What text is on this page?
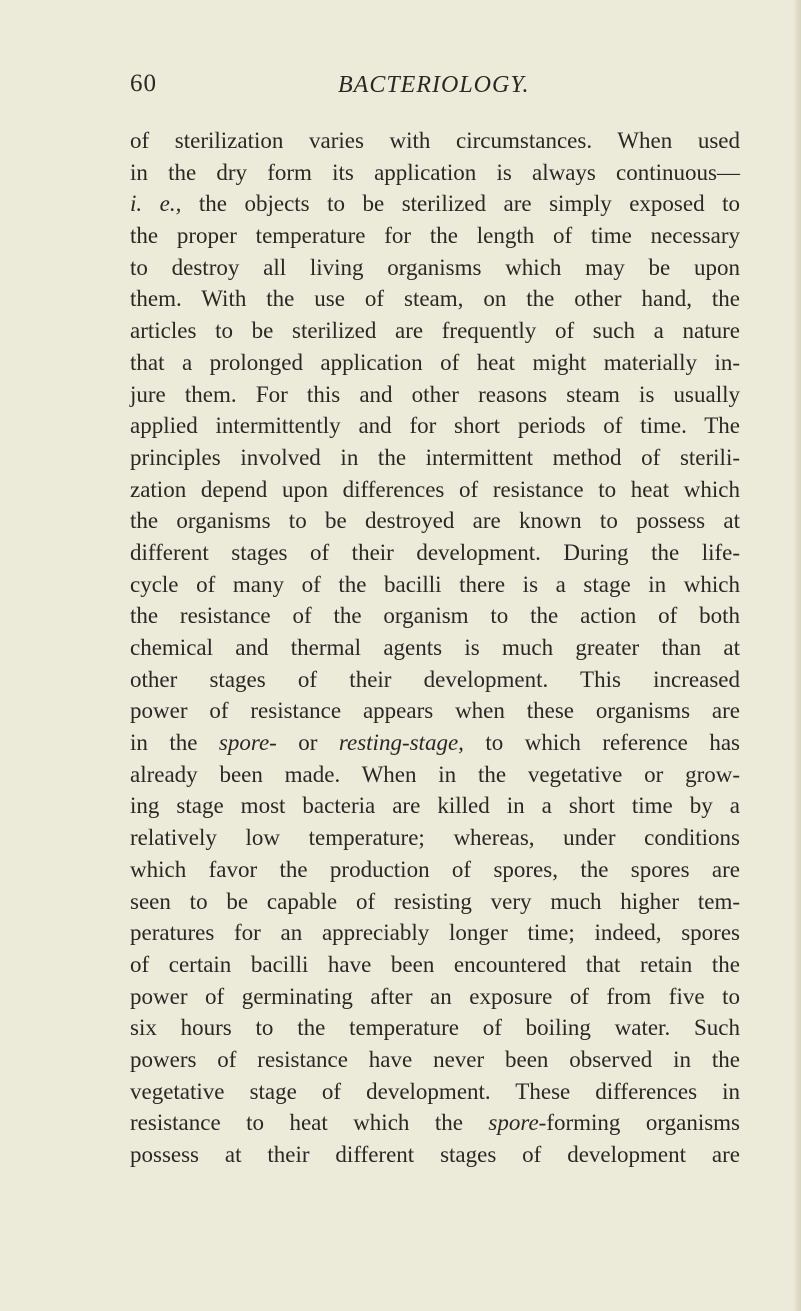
60	BACTERIOLOGY.
of sterilization varies with circumstances. When used
in the dry form its application is always continuous—
i. e., the objects to be sterilized are simply exposed to
the proper temperature for the length of time necessary
to destroy all living organisms which may be upon
them. With the use of steam, on the other hand, the
articles to be sterilized are frequently of such a nature
that a prolonged application of heat might materially in-
jure them. For this and other reasons steam is usually
applied intermittently and for short periods of time. The
principles involved in the intermittent method of sterili-
zation depend upon differences of resistance to heat which
the organisms to be destroyed are known to possess at
different stages of their development. During the life-
cycle of many of the bacilli there is a stage in which
the resistance of the organism to the action of both
chemical and thermal agents is much greater than at
other stages of their development. This increased
power of resistance appears when these organisms are
in the spore- or resting-stage, to which reference has
already been made. When in the vegetative or grow-
ing stage most bacteria are killed in a short time by a
relatively low temperature; whereas, under conditions
which favor the production of spores, the spores are
seen to be capable of resisting very much higher tem-
peratures for an appreciably longer time; indeed, spores
of certain bacilli have been encountered that retain the
power of germinating after an exposure of from five to
six hours to the temperature of boiling water. Such
powers of resistance have never been observed in the
vegetative stage of development. These differences in
resistance to heat which the spore-forming organisms
possess at their different stages of development are
